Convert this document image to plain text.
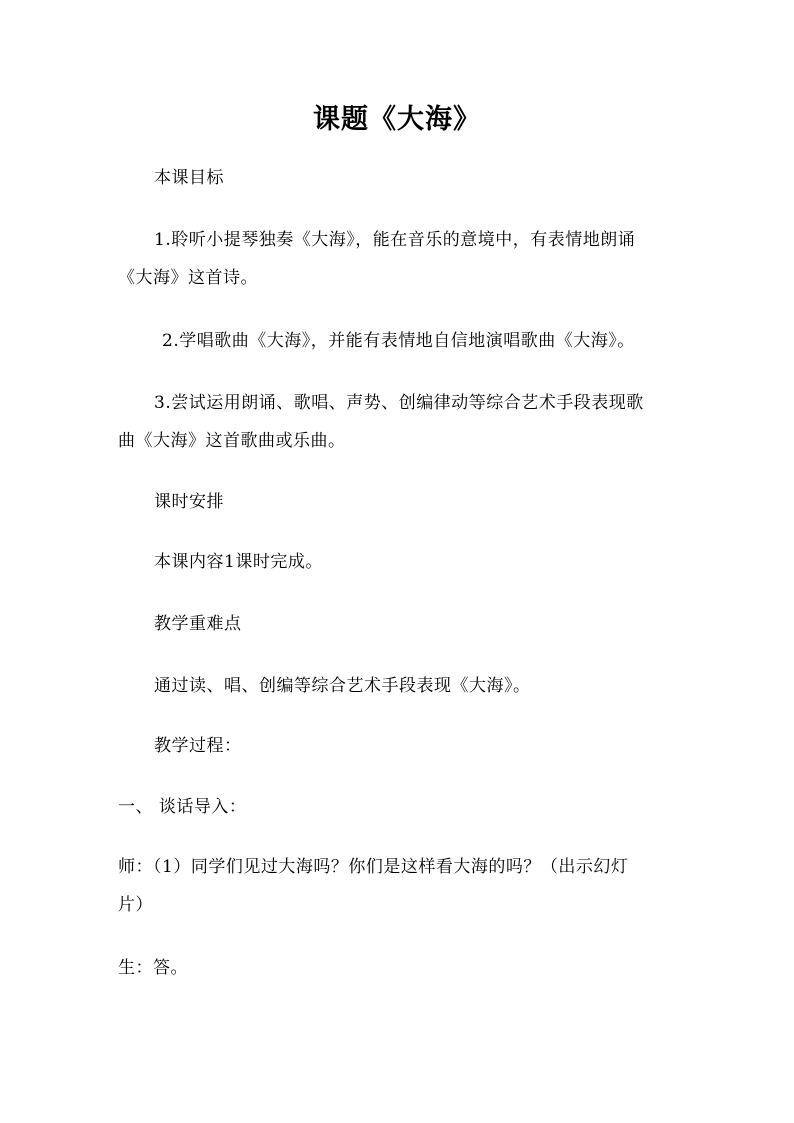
课题《大海》
本课目标
1.聆听小提琴独奏《大海》，能在音乐的意境中，有表情地朗诵
《大海》这首诗。
2.学唱歌曲《大海》，并能有表情地自信地演唱歌曲《大海》。
3.尝试运用朗诵、歌唱、声势、创编律动等综合艺术手段表现歌
曲《大海》这首歌曲或乐曲。
课时安排
本课内容1课时完成。
教学重难点
通过读、唱、创编等综合艺术手段表现《大海》。
教学过程：
一、 谈话导入：
师：（1）同学们见过大海吗？你们是这样看大海的吗？（出示幻灯
片）
生：答。
